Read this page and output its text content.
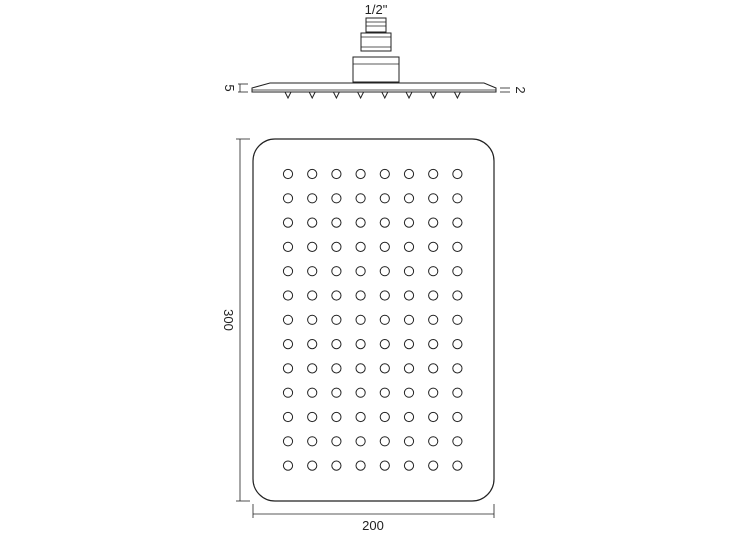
1/2"
5	2
300
200
